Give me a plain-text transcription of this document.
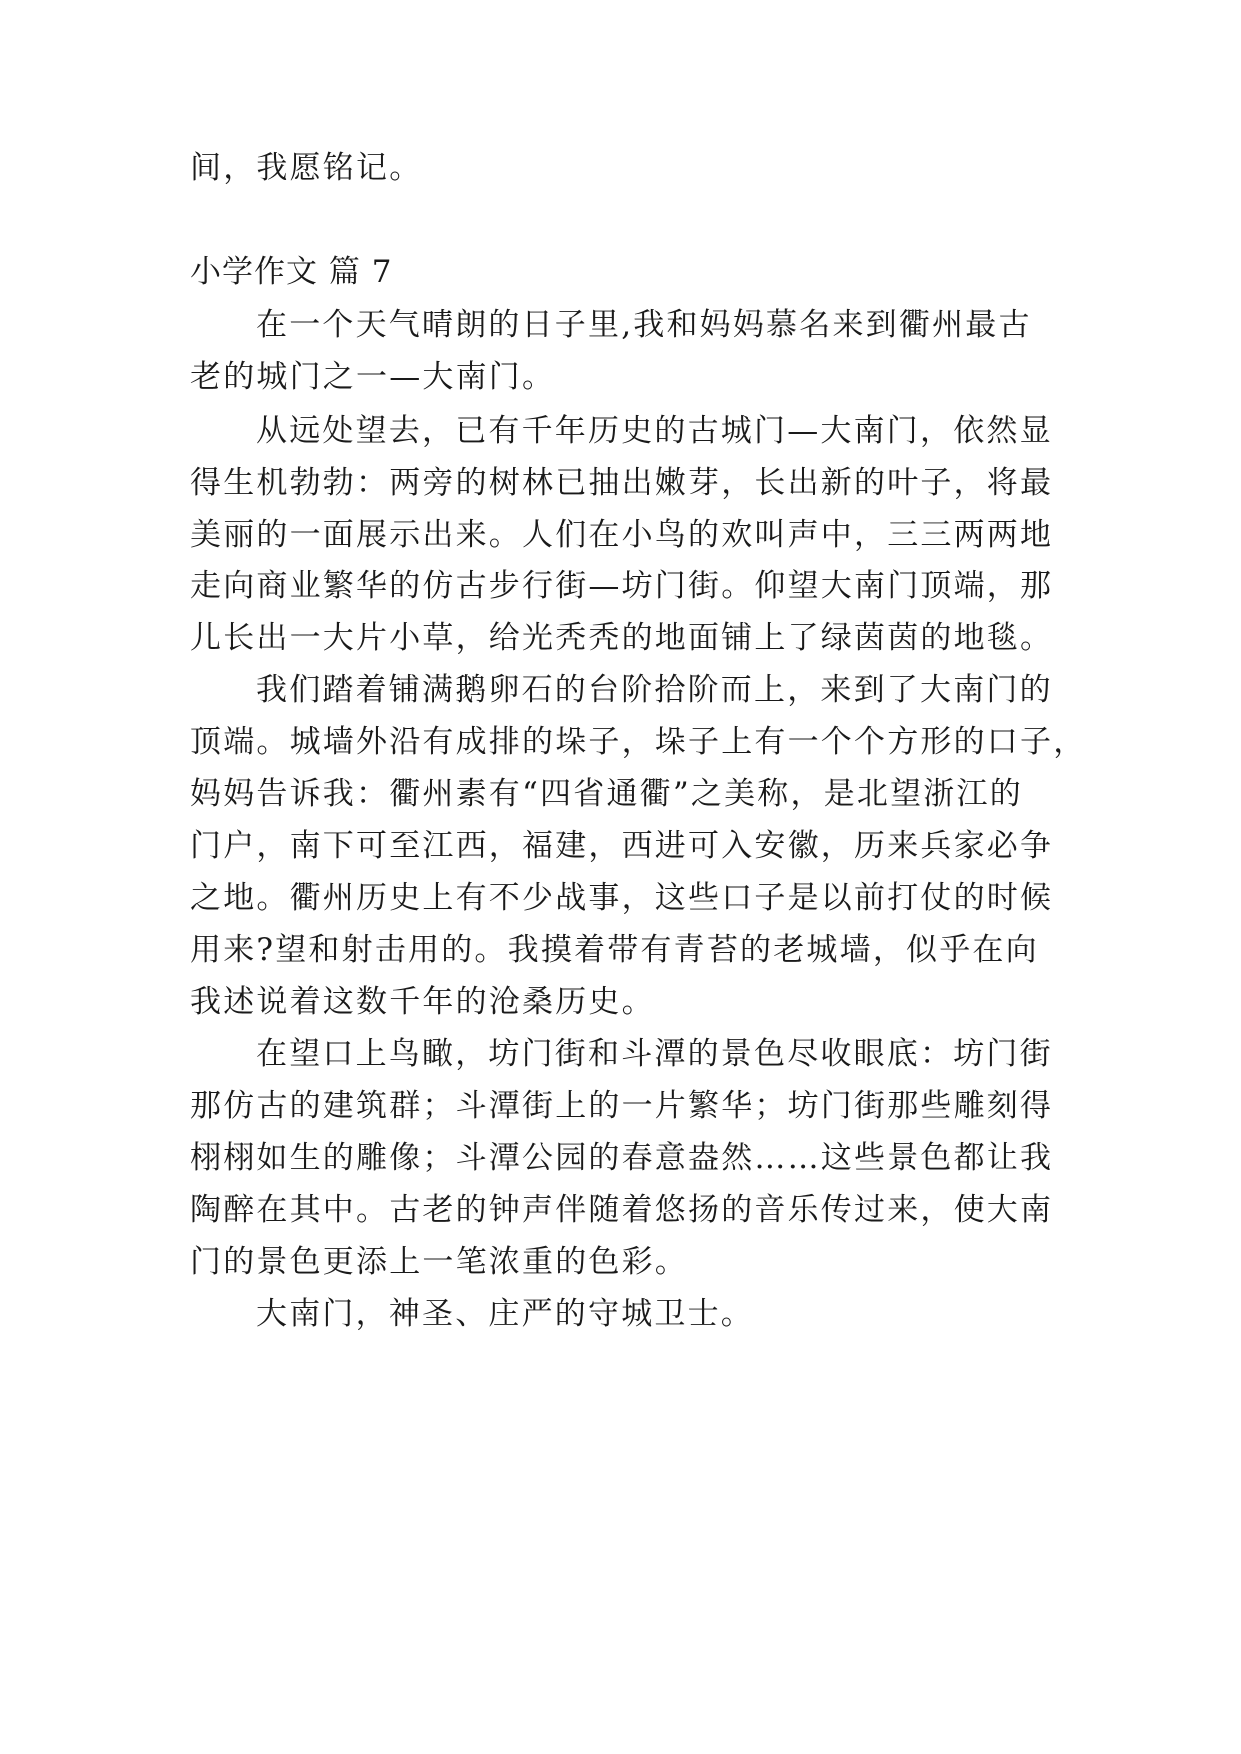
间，我愿铭记。
小学作文 篇 7
在一个天气晴朗的日子里,我和妈妈慕名来到衢州最古
老的城门之一—大南门。
从远处望去，已有千年历史的古城门—大南门，依然显
得生机勃勃：两旁的树林已抽出嫩芽，长出新的叶子，将最
美丽的一面展示出来。人们在小鸟的欢叫声中，三三两两地
走向商业繁华的仿古步行街—坊门街。仰望大南门顶端，那
儿长出一大片小草，给光秃秃的地面铺上了绿茵茵的地毯。
我们踏着铺满鹅卵石的台阶拾阶而上，来到了大南门的
顶端。城墙外沿有成排的垛子，垛子上有一个个方形的口子，
妈妈告诉我：衢州素有“四省通衢”之美称，是北望浙江的
门户，南下可至江西，福建，西进可入安徽，历来兵家必争
之地。衢州历史上有不少战事，这些口子是以前打仗的时候
用来?望和射击用的。我摸着带有青苔的老城墙，似乎在向
我述说着这数千年的沧桑历史。
在望口上鸟瞰，坊门街和斗潭的景色尽收眼底：坊门街
那仿古的建筑群；斗潭街上的一片繁华；坊门街那些雕刻得
栩栩如生的雕像；斗潭公园的春意盎然……这些景色都让我
陶醉在其中。古老的钟声伴随着悠扬的音乐传过来，使大南
门的景色更添上一笔浓重的色彩。
大南门，神圣、庄严的守城卫士。
